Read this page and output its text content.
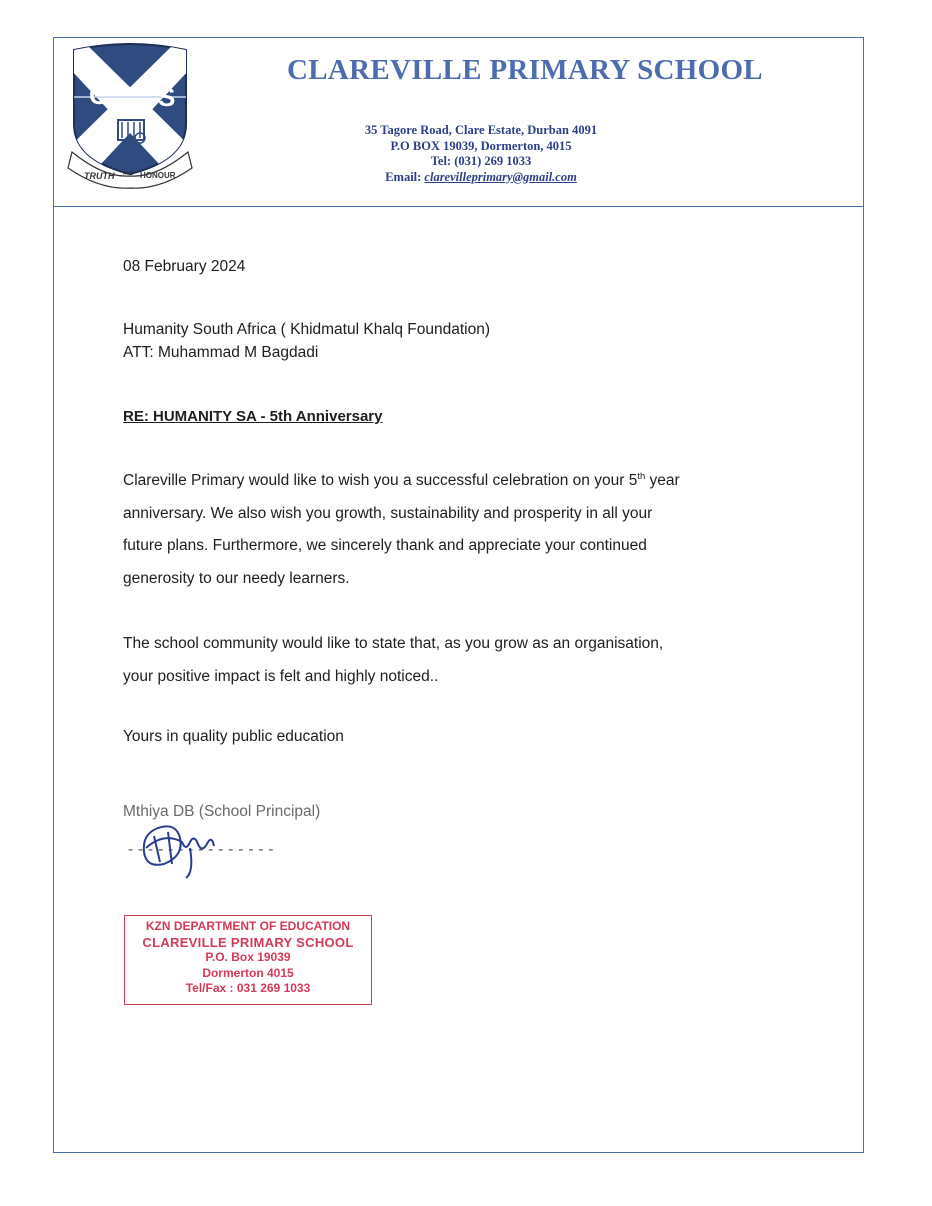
C S
TRUTH AND HONOUR
CLAREVILLE PRIMARY SCHOOL
35 Tagore Road, Clare Estate, Durban 4091
P.O BOX 19039, Dormerton, 4015
Tel: (031) 269 1033
Email: clarevilleprimary@gmail.com
08 February 2024
Humanity South Africa ( Khidmatul Khalq Foundation)
ATT: Muhammad M Bagdadi
RE: HUMANITY SA - 5th Anniversary
Clareville Primary would like to wish you a successful celebration on your 5th year
anniversary. We also wish you growth, sustainability and prosperity in all your
future plans. Furthermore, we sincerely thank and appreciate your continued
generosity to our needy learners.
The school community would like to state that, as you grow as an organisation,
your positive impact is felt and highly noticed..
Yours in quality public education
Mthiya DB (School Principal)
---------------
KZN DEPARTMENT OF EDUCATION
CLAREVILLE PRIMARY SCHOOL
P.O. Box 19039
Dormerton 4015
Tel/Fax : 031 269 1033
